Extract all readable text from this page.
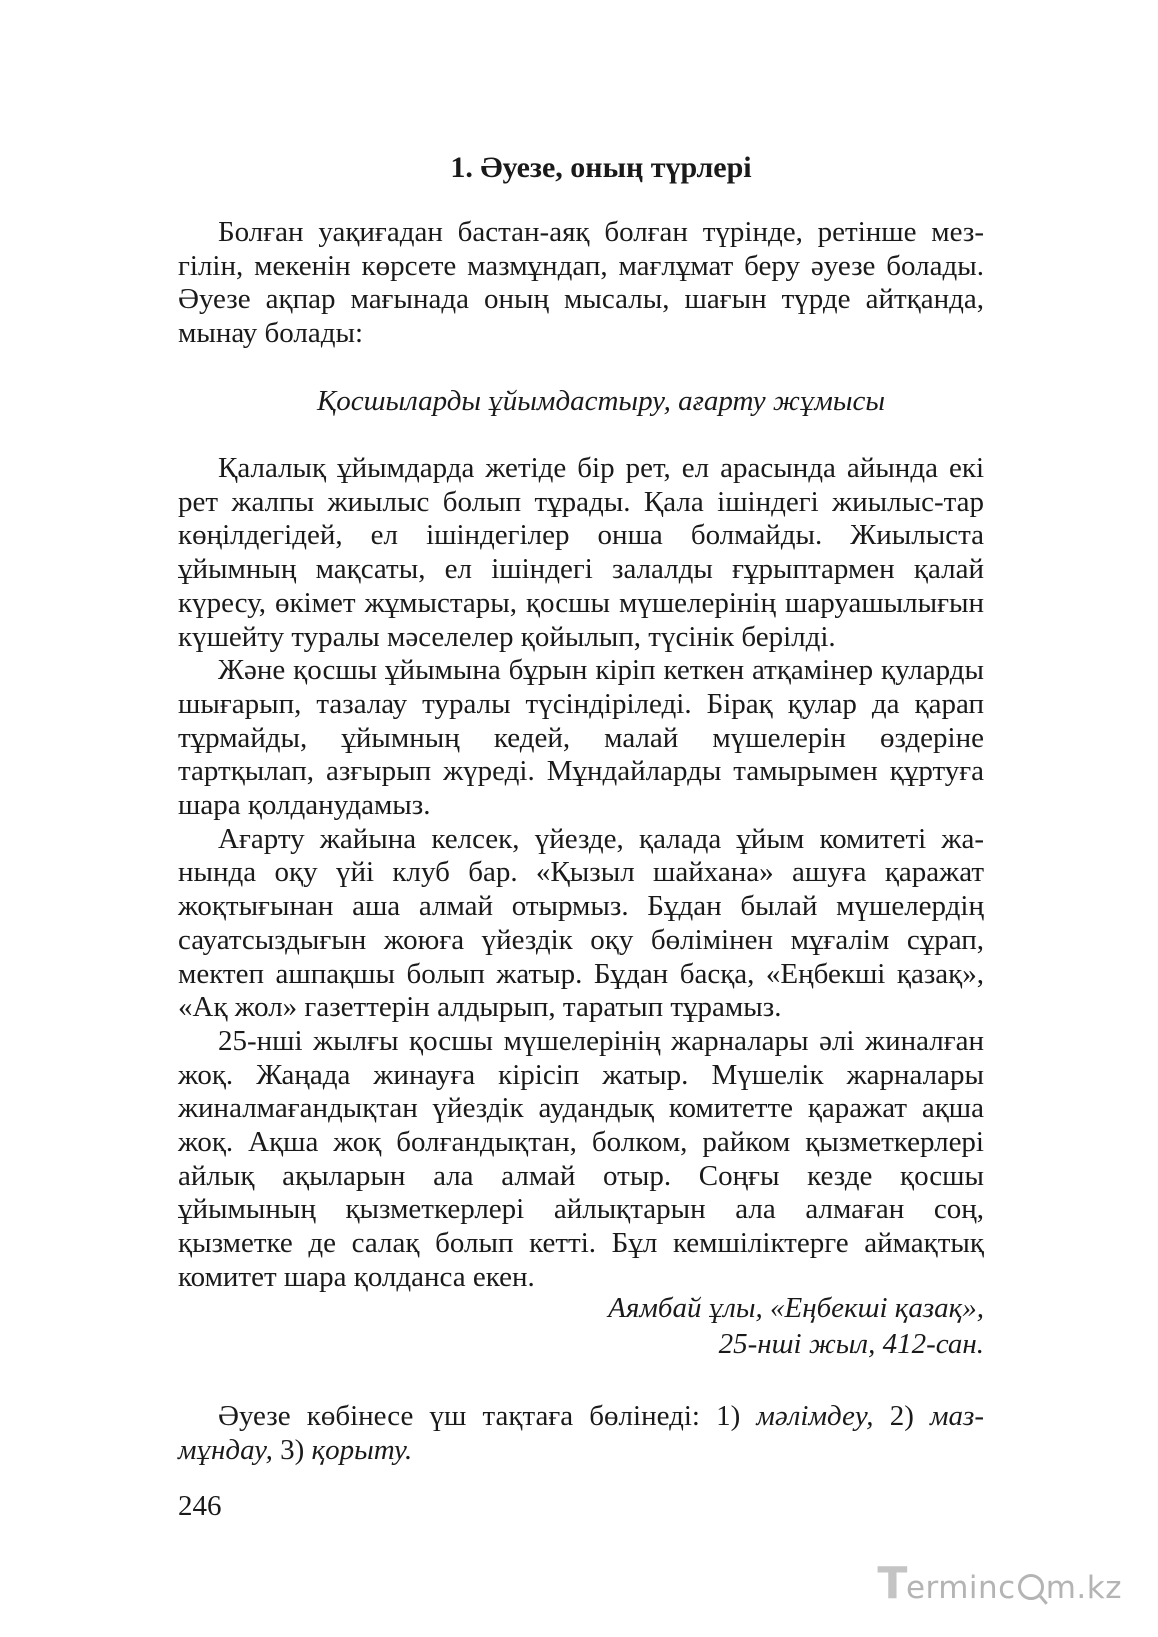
1. Әуезе, оның түрлері

Болған уақиғадан бастан-аяқ болған түрінде, ретінше мез-гілін, мекенін көрсете мазмұндап, мағлұмат беру әуезе болады. Әуезе ақпар мағынада оның мысалы, шағын түрде айтқанда, мынау болады:

Қосшыларды ұйымдастыру, ағарту жұмысы

Қалалық ұйымдарда жетіде бір рет, ел арасында айында екі рет жалпы жиылыс болып тұрады. Қала ішіндегі жиылыс-тар көңілдегідей, ел ішіндегілер онша болмайды. Жиылыста ұйымның мақсаты, ел ішіндегі залалды ғұрыптармен қалай күресу, өкімет жұмыстары, қосшы мүшелерінің шаруашылығын күшейту туралы мәселелер қойылып, түсінік берілді.

Және қосшы ұйымына бұрын кіріп кеткен атқамінер қуларды шығарып, тазалау туралы түсіндіріледі. Бірақ қулар да қарап тұрмайды, ұйымның кедей, малай мүшелерін өздеріне тартқылап, азғырып жүреді. Мұндайларды тамырымен құртуға шара қолданудамыз.

Ағарту жайына келсек, үйезде, қалада ұйым комитеті жа-нында оқу үйі клуб бар. «Қызыл шайхана» ашуға қаражат жоқтығынан аша алмай отырмыз. Бұдан былай мүшелердің сауатсыздығын жоюға үйездік оқу бөлімінен мұғалім сұрап, мектеп ашпақшы болып жатыр. Бұдан басқа, «Еңбекші қазақ», «Ақ жол» газеттерін алдырып, таратып тұрамыз.

25-нші жылғы қосшы мүшелерінің жарналары әлі жиналған жоқ. Жаңада жинауға кірісіп жатыр. Мүшелік жарналары жиналмағандықтан үйездік аудандық комитетте қаражат ақша жоқ. Ақша жоқ болғандықтан, болком, райком қызметкерлері айлық ақыларын ала алмай отыр. Соңғы кезде қосшы ұйымының қызметкерлері айлықтарын ала алмаған соң, қызметке де салақ болып кетті. Бұл кемшіліктерге аймақтық комитет шара қолданса екен.

Аямбай ұлы, «Еңбекші қазақ»,
25-нші жыл, 412-сан.

Әуезе көбінесе үш тақтаға бөлінеді: 1) мәлімдеу, 2) маз-мұндау, 3) қорыту.

246
T
erminc m.kz
